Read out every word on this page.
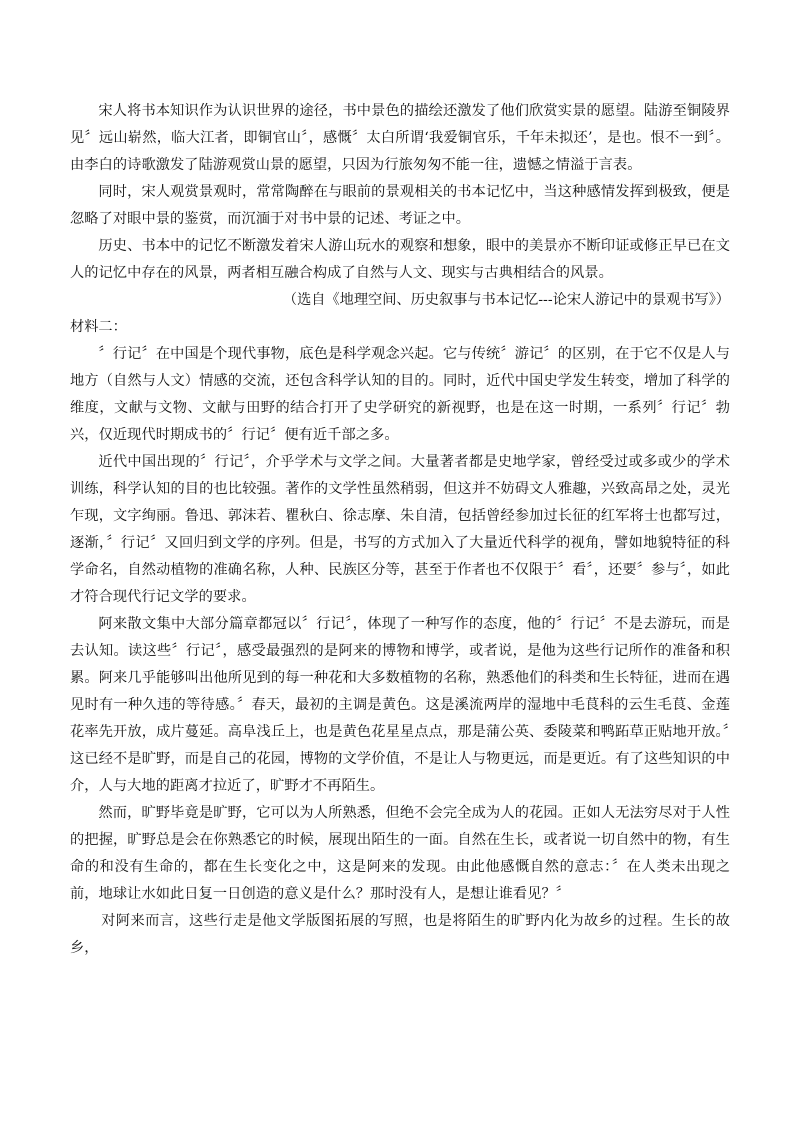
宋人将书本知识作为认识世界的途径，书中景色的描绘还激发了他们欣赏实景的愿望。陆游至铜陵界见〞远山崭然，临大江者，即铜官山〞，感慨〞太白所谓‘我爱铜官乐，千年未拟还’，是也。恨不一到〞。由李白的诗歌激发了陆游观赏山景的愿望，只因为行旅匆匆不能一往，遗憾之情溢于言表。

同时，宋人观赏景观时，常常陶醉在与眼前的景观相关的书本记忆中，当这种感情发挥到极致，便是忽略了对眼中景的鉴赏，而沉湎于对书中景的记述、考证之中。

历史、书本中的记忆不断激发着宋人游山玩水的观察和想象，眼中的美景亦不断印证或修正早已在文人的记忆中存在的风景，两者相互融合构成了自然与人文、现实与古典相结合的风景。

（选自《地理空间、历史叙事与书本记忆---论宋人游记中的景观书写》）

材料二：

〞行记〞在中国是个现代事物，底色是科学观念兴起。它与传统〞游记〞的区别，在于它不仅是人与地方（自然与人文）情感的交流，还包含科学认知的目的。同时，近代中国史学发生转变，增加了科学的维度，文献与文物、文献与田野的结合打开了史学研究的新视野，也是在这一时期，一系列〞行记〞勃兴，仅近现代时期成书的〞行记〞便有近千部之多。

近代中国出现的〞行记〞，介乎学术与文学之间。大量著者都是史地学家，曾经受过或多或少的学术训练，科学认知的目的也比较强。著作的文学性虽然稍弱，但这并不妨碍文人雅趣，兴致高昂之处，灵光乍现，文字绚丽。鲁迅、郭沫若、瞿秋白、徐志摩、朱自清，包括曾经参加过长征的红军将士也都写过，逐渐，〞行记〞又回归到文学的序列。但是，书写的方式加入了大量近代科学的视角，譬如地貌特征的科学命名，自然动植物的准确名称，人种、民族区分等，甚至于作者也不仅限于〞看〞，还要〞参与〞，如此才符合现代行记文学的要求。

阿来散文集中大部分篇章都冠以〞行记〞，体现了一种写作的态度，他的〞行记〞不是去游玩，而是去认知。读这些〞行记〞，感受最强烈的是阿来的博物和博学，或者说，是他为这些行记所作的准备和积累。阿来几乎能够叫出他所见到的每一种花和大多数植物的名称，熟悉他们的科类和生长特征，进而在遇见时有一种久违的等待感。〞春天，最初的主调是黄色。这是溪流两岸的湿地中毛茛科的云生毛茛、金莲花率先开放，成片蔓延。高阜浅丘上，也是黄色花星星点点，那是蒲公英、委陵菜和鸭跖草正贴地开放。〞这已经不是旷野，而是自己的花园，博物的文学价值，不是让人与物更远，而是更近。有了这些知识的中介，人与大地的距离才拉近了，旷野才不再陌生。

然而，旷野毕竟是旷野，它可以为人所熟悉，但绝不会完全成为人的花园。正如人无法穷尽对于人性的把握，旷野总是会在你熟悉它的时候，展现出陌生的一面。自然在生长，或者说一切自然中的物，有生命的和没有生命的，都在生长变化之中，这是阿来的发现。由此他感慨自然的意志：〞在人类未出现之前，地球让水如此日复一日创造的意义是什么？那时没有人，是想让谁看见？〞

对阿来而言，这些行走是他文学版图拓展的写照，也是将陌生的旷野内化为故乡的过程。生长的故乡，
